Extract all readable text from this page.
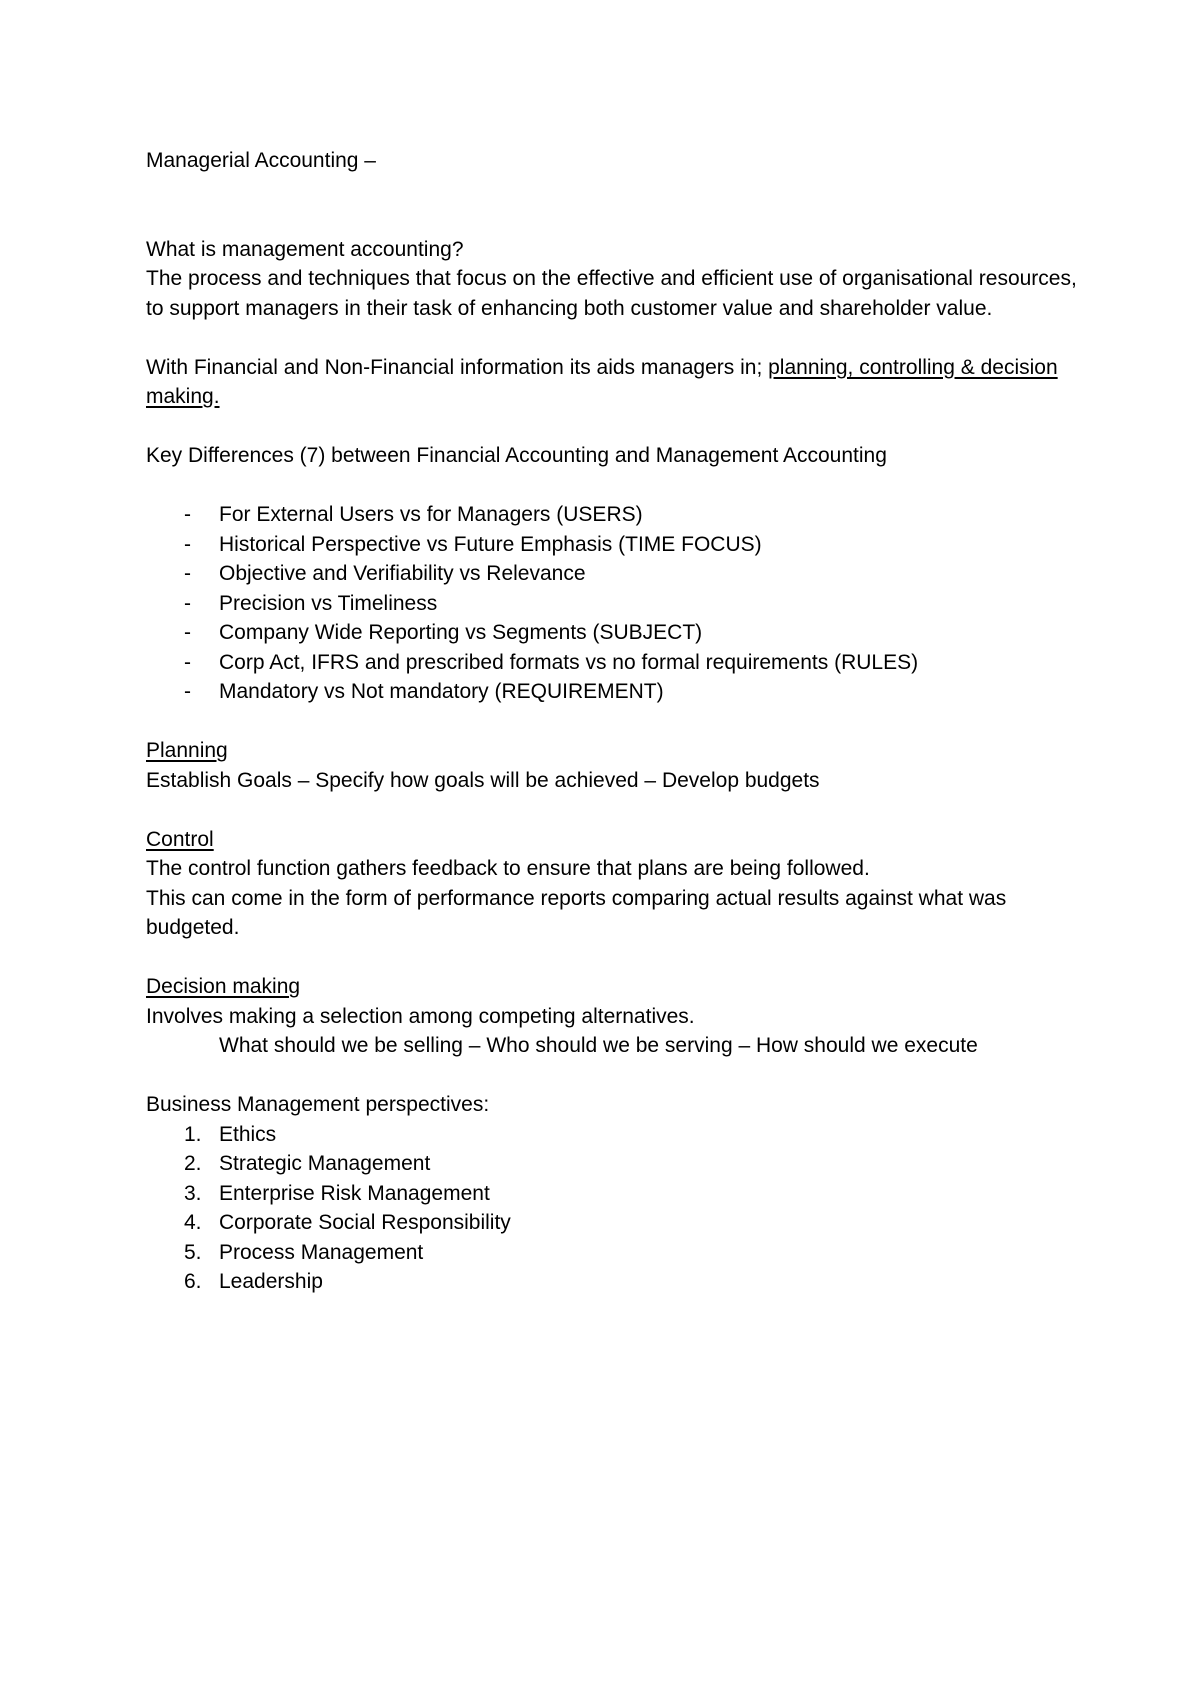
Managerial Accounting –
What is management accounting?
The process and techniques that focus on the effective and efficient use of organisational resources, to support managers in their task of enhancing both customer value and shareholder value.
With Financial and Non-Financial information its aids managers in; planning, controlling & decision making.
Key Differences (7) between Financial Accounting and Management Accounting
- For External Users vs for Managers (USERS)
- Historical Perspective vs Future Emphasis (TIME FOCUS)
- Objective and Verifiability vs Relevance
- Precision vs Timeliness
- Company Wide Reporting vs Segments (SUBJECT)
- Corp Act, IFRS and prescribed formats vs no formal requirements (RULES)
- Mandatory vs Not mandatory (REQUIREMENT)
Planning
Establish Goals – Specify how goals will be achieved – Develop budgets
Control
The control function gathers feedback to ensure that plans are being followed.
This can come in the form of performance reports comparing actual results against what was budgeted.
Decision making
Involves making a selection among competing alternatives.
What should we be selling – Who should we be serving – How should we execute
Business Management perspectives:
1. Ethics
2. Strategic Management
3. Enterprise Risk Management
4. Corporate Social Responsibility
5. Process Management
6. Leadership
